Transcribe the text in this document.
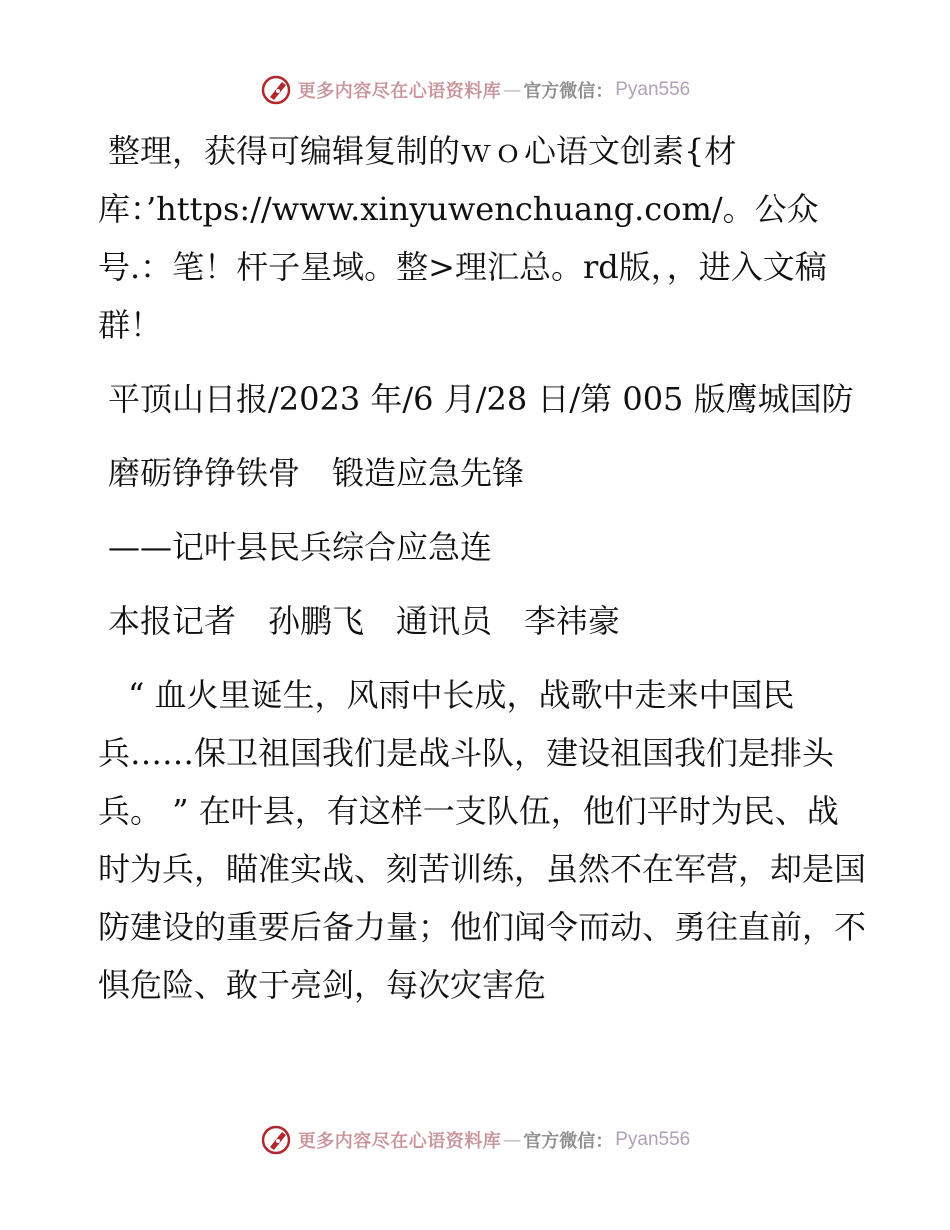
更多内容尽在心语资料库 — 官方微信： Pyan556

整理，获得可编辑复制的ｗｏ心语文创素{材库：’https://www.xinyuwenchuang.com/。公众号.：笔！杆子星域。整>理汇总。rd版，，进入文稿群！

平顶山日报/2023 年/6 月/28 日/第 005 版鹰城国防

磨砺铮铮铁骨　锻造应急先锋

——记叶县民兵综合应急连

本报记者　孙鹏飞　通讯员　李祎豪

“ 血火里诞生，风雨中长成，战歌中走来中国民兵……保卫祖国我们是战斗队，建设祖国我们是排头兵。 ” 在叶县，有这样一支队伍，他们平时为民、战时为兵，瞄准实战、刻苦训练，虽然不在军营，却是国防建设的重要后备力量；他们闻令而动、勇往直前，不惧危险、敢于亮剑，每次灾害危

更多内容尽在心语资料库 — 官方微信： Pyan556
